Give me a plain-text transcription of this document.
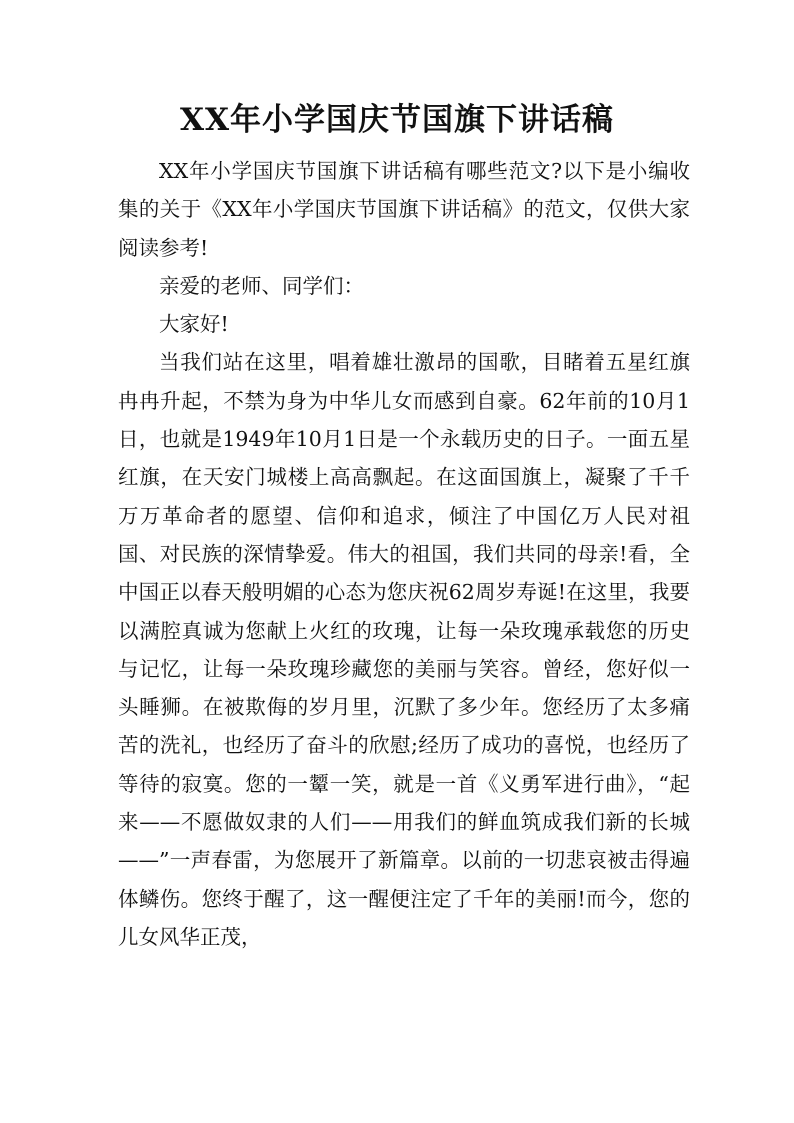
XX年小学国庆节国旗下讲话稿

XX年小学国庆节国旗下讲话稿有哪些范文?以下是小编收集的关于《XX年小学国庆节国旗下讲话稿》的范文，仅供大家阅读参考!

亲爱的老师、同学们：

大家好!

当我们站在这里，唱着雄壮激昂的国歌，目睹着五星红旗冉冉升起，不禁为身为中华儿女而感到自豪。62年前的10月1日，也就是1949年10月1日是一个永载历史的日子。一面五星红旗，在天安门城楼上高高飘起。在这面国旗上，凝聚了千千万万革命者的愿望、信仰和追求，倾注了中国亿万人民对祖国、对民族的深情挚爱。伟大的祖国，我们共同的母亲!看，全中国正以春天般明媚的心态为您庆祝62周岁寿诞!在这里，我要以满腔真诚为您献上火红的玫瑰，让每一朵玫瑰承载您的历史与记忆，让每一朵玫瑰珍藏您的美丽与笑容。曾经，您好似一头睡狮。在被欺侮的岁月里，沉默了多少年。您经历了太多痛苦的洗礼，也经历了奋斗的欣慰;经历了成功的喜悦，也经历了等待的寂寞。您的一颦一笑，就是一首《义勇军进行曲》，“起来——不愿做奴隶的人们——用我们的鲜血筑成我们新的长城——”一声春雷，为您展开了新篇章。以前的一切悲哀被击得遍体鳞伤。您终于醒了，这一醒便注定了千年的美丽!而今，您的儿女风华正茂，
